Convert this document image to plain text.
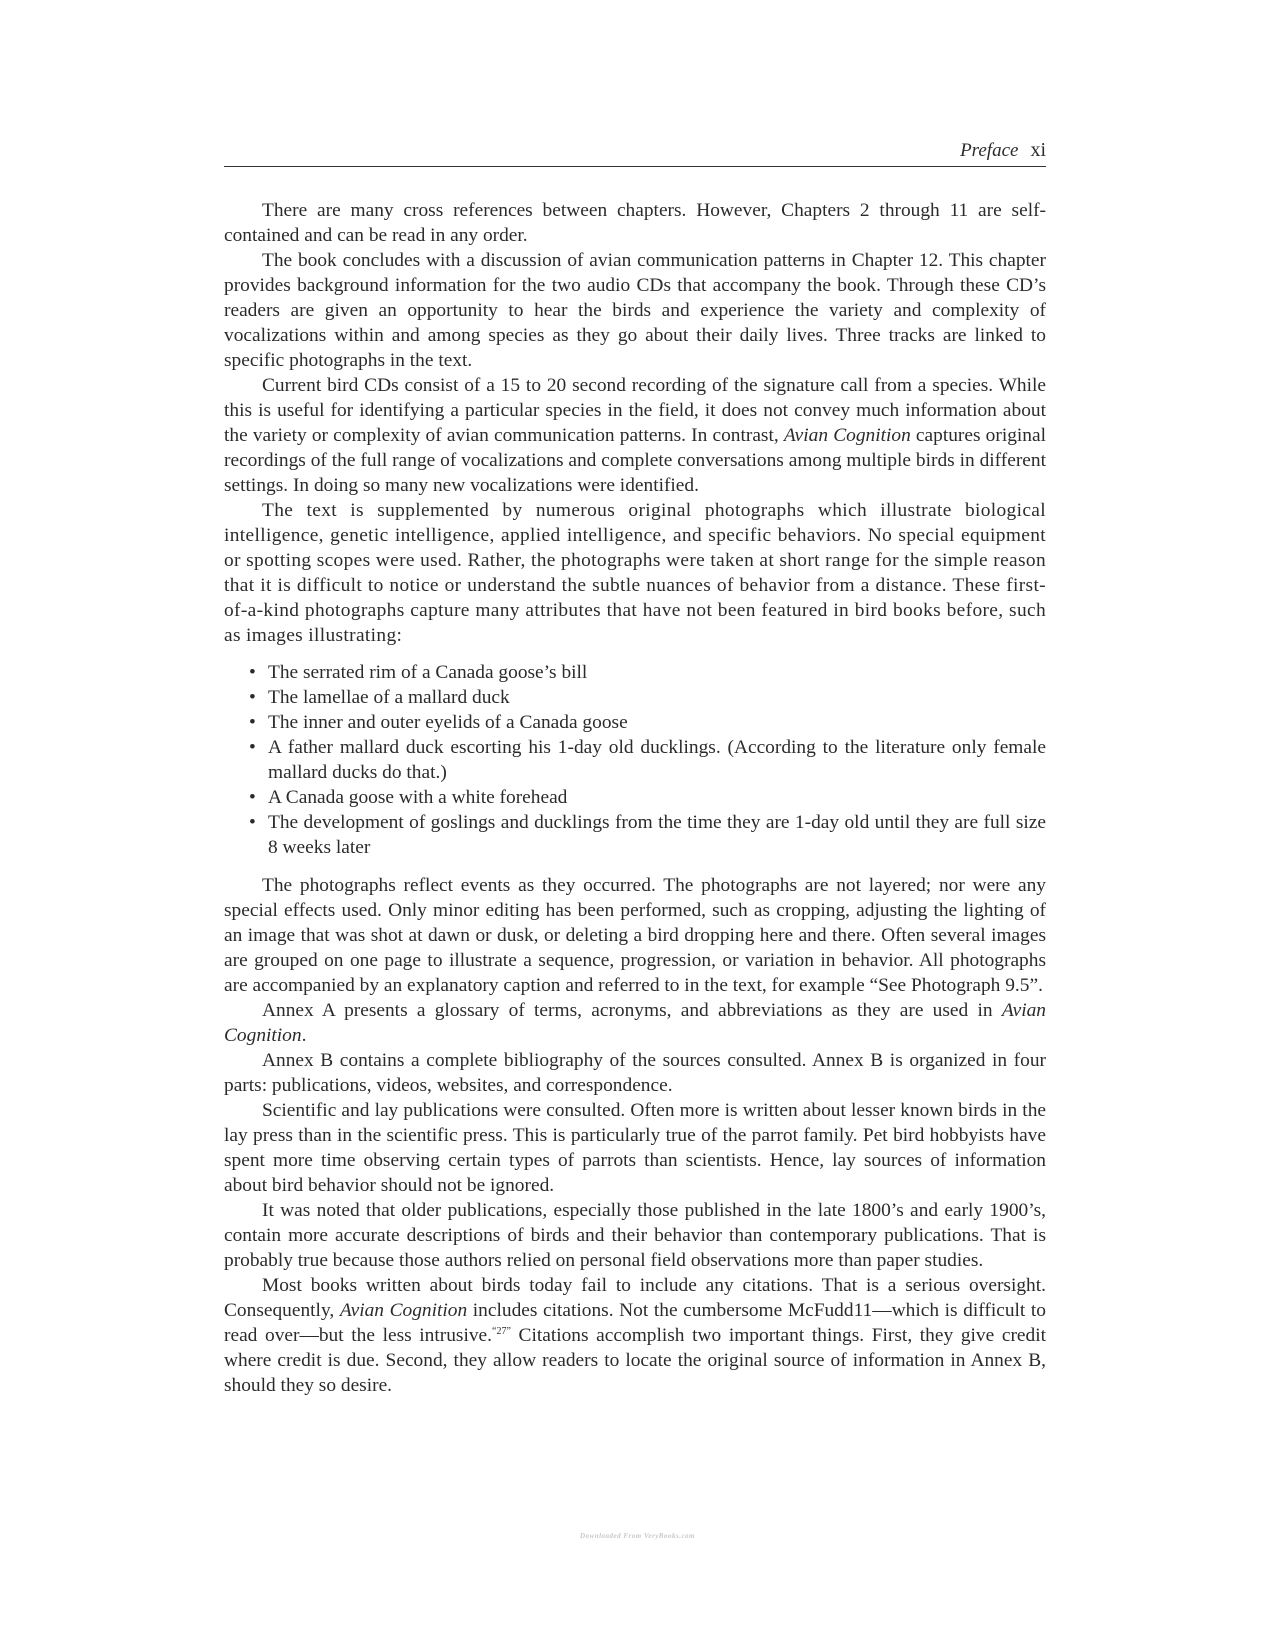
Preface xi

There are many cross references between chapters. However, Chapters 2 through 11 are self-contained and can be read in any order.

The book concludes with a discussion of avian communication patterns in Chapter 12. This chapter provides background information for the two audio CDs that accompany the book. Through these CD’s readers are given an opportunity to hear the birds and experience the variety and complexity of vocalizations within and among species as they go about their daily lives. Three tracks are linked to specific photographs in the text.

Current bird CDs consist of a 15 to 20 second recording of the signature call from a species. While this is useful for identifying a particular species in the field, it does not convey much information about the variety or complexity of avian communication patterns. In contrast, Avian Cognition captures original recordings of the full range of vocalizations and complete conversations among multiple birds in different settings. In doing so many new vocalizations were identified.

The text is supplemented by numerous original photographs which illustrate biological intelligence, genetic intelligence, applied intelligence, and specific behaviors. No special equipment or spotting scopes were used. Rather, the photographs were taken at short range for the simple reason that it is difficult to notice or understand the subtle nuances of behavior from a distance. These first-of-a-kind photographs capture many attributes that have not been featured in bird books before, such as images illustrating:

• The serrated rim of a Canada goose’s bill
• The lamellae of a mallard duck
• The inner and outer eyelids of a Canada goose
• A father mallard duck escorting his 1-day old ducklings. (According to the literature only female mallard ducks do that.)
• A Canada goose with a white forehead
• The development of goslings and ducklings from the time they are 1-day old until they are full size 8 weeks later

The photographs reflect events as they occurred. The photographs are not layered; nor were any special effects used. Only minor editing has been performed, such as cropping, adjusting the lighting of an image that was shot at dawn or dusk, or deleting a bird dropping here and there. Often several images are grouped on one page to illustrate a sequence, progression, or variation in behavior. All photographs are accompanied by an explanatory caption and referred to in the text, for example “See Photograph 9.5”.

Annex A presents a glossary of terms, acronyms, and abbreviations as they are used in Avian Cognition.

Annex B contains a complete bibliography of the sources consulted. Annex B is organized in four parts: publications, videos, websites, and correspondence.

Scientific and lay publications were consulted. Often more is written about lesser known birds in the lay press than in the scientific press. This is particularly true of the parrot family. Pet bird hobbyists have spent more time observing certain types of parrots than scientists. Hence, lay sources of information about bird behavior should not be ignored.

It was noted that older publications, especially those published in the late 1800’s and early 1900’s, contain more accurate descriptions of birds and their behavior than contemporary publications. That is probably true because those authors relied on personal field observations more than paper studies.

Most books written about birds today fail to include any citations. That is a serious oversight. Consequently, Avian Cognition includes citations. Not the cumbersome McFudd11—which is difficult to read over—but the less intrusive.$^{“27”}$ Citations accomplish two important things. First, they give credit where credit is due. Second, they allow readers to locate the original source of information in Annex B, should they so desire.

Downloaded From VeryBooks.com
